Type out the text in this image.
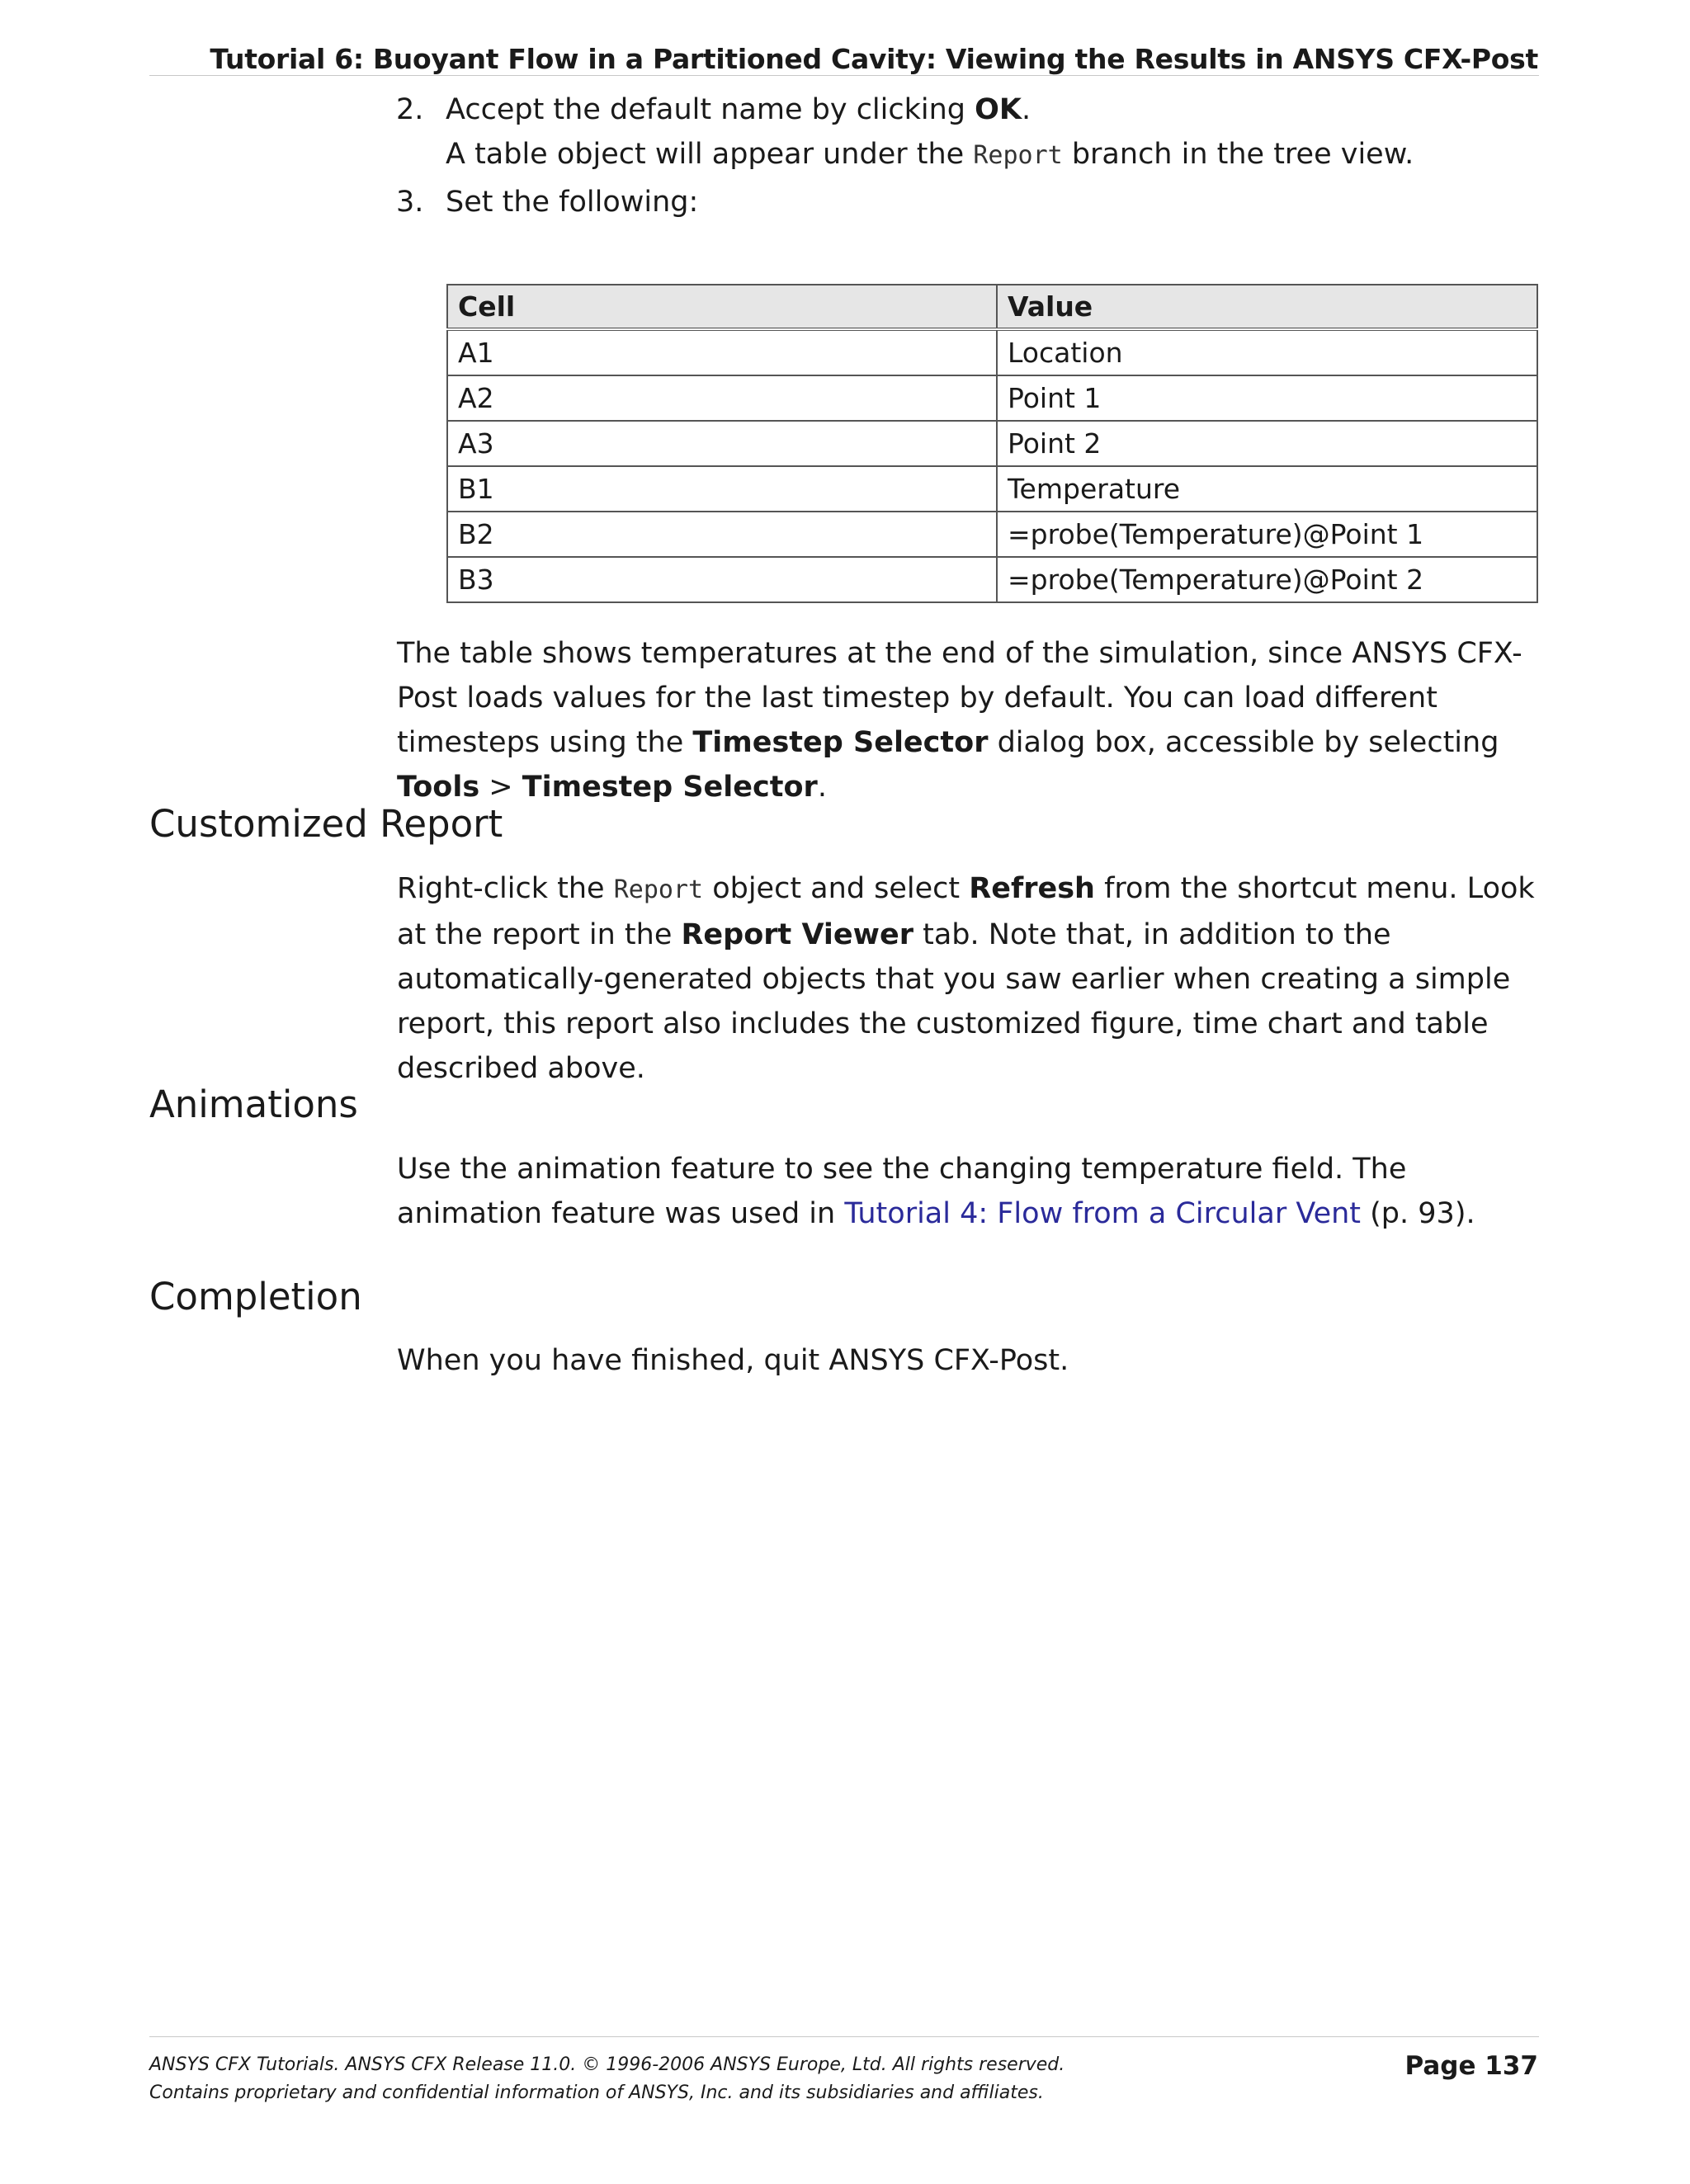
Tutorial 6: Buoyant Flow in a Partitioned Cavity: Viewing the Results in ANSYS CFX-Post
2. Accept the default name by clicking OK.
A table object will appear under the Report branch in the tree view.
3. Set the following:
Cell	Value
A1	Location
A2	Point 1
A3	Point 2
B1	Temperature
B2	=probe(Temperature)@Point 1
B3	=probe(Temperature)@Point 2

The table shows temperatures at the end of the simulation, since ANSYS CFX-Post loads values for the last timestep by default. You can load different timesteps using the Timestep Selector dialog box, accessible by selecting Tools > Timestep Selector.

Customized Report

Right-click the Report object and select Refresh from the shortcut menu. Look at the report in the Report Viewer tab. Note that, in addition to the automatically-generated objects that you saw earlier when creating a simple report, this report also includes the customized figure, time chart and table described above.

Animations

Use the animation feature to see the changing temperature field. The animation feature was used in Tutorial 4: Flow from a Circular Vent (p. 93).

Completion

When you have finished, quit ANSYS CFX-Post.

ANSYS CFX Tutorials. ANSYS CFX Release 11.0. © 1996-2006 ANSYS Europe, Ltd. All rights reserved.
Contains proprietary and confidential information of ANSYS, Inc. and its subsidiaries and affiliates.
Page 137
